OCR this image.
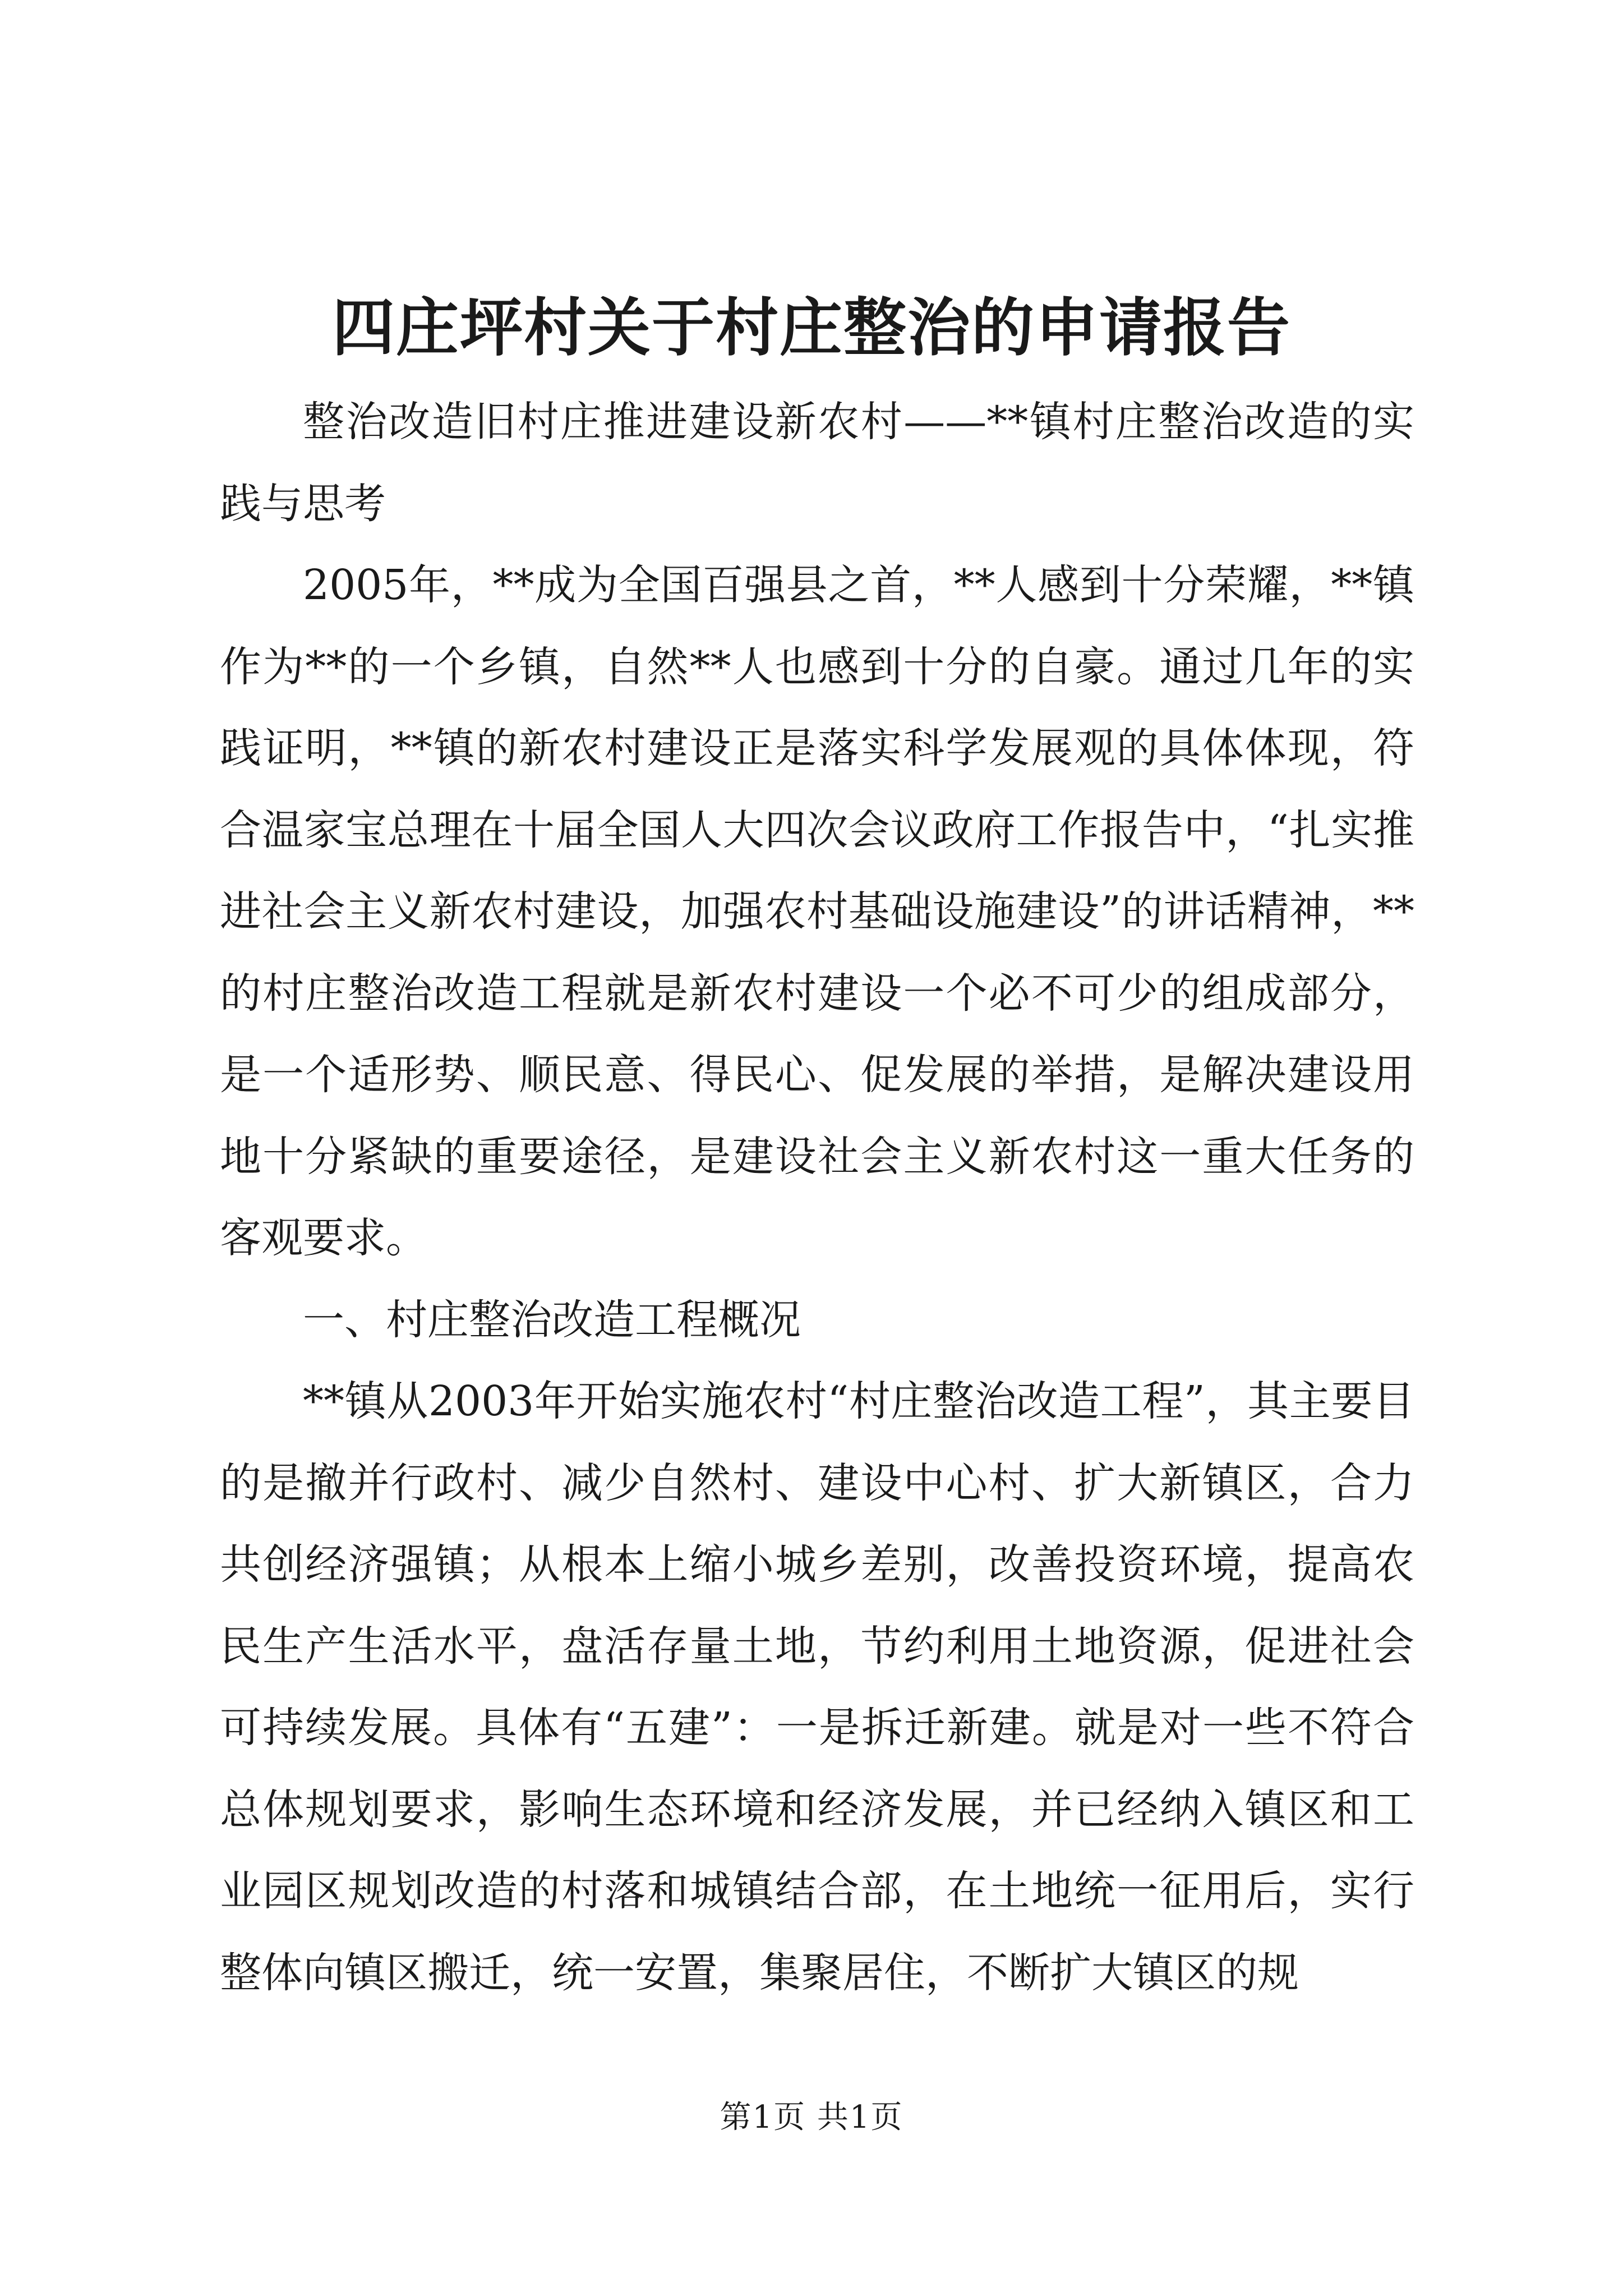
四庄坪村关于村庄整治的申请报告

整治改造旧村庄推进建设新农村——**镇村庄整治改造的实践与思考

2005年，**成为全国百强县之首，**人感到十分荣耀，**镇作为**的一个乡镇，自然**人也感到十分的自豪。通过几年的实践证明，**镇的新农村建设正是落实科学发展观的具体体现，符合温家宝总理在十届全国人大四次会议政府工作报告中，“扎实推进社会主义新农村建设，加强农村基础设施建设”的讲话精神，**的村庄整治改造工程就是新农村建设一个必不可少的组成部分，是一个适形势、顺民意、得民心、促发展的举措，是解决建设用地十分紧缺的重要途径，是建设社会主义新农村这一重大任务的客观要求。

一、村庄整治改造工程概况

**镇从2003年开始实施农村“村庄整治改造工程”，其主要目的是撤并行政村、减少自然村、建设中心村、扩大新镇区，合力共创经济强镇；从根本上缩小城乡差别，改善投资环境，提高农民生产生活水平，盘活存量土地，节约利用土地资源，促进社会可持续发展。具体有“五建”：一是拆迁新建。就是对一些不符合总体规划要求，影响生态环境和经济发展，并已经纳入镇区和工业园区规划改造的村落和城镇结合部，在土地统一征用后，实行整体向镇区搬迁，统一安置，集聚居住，不断扩大镇区的规

第1页 共1页
